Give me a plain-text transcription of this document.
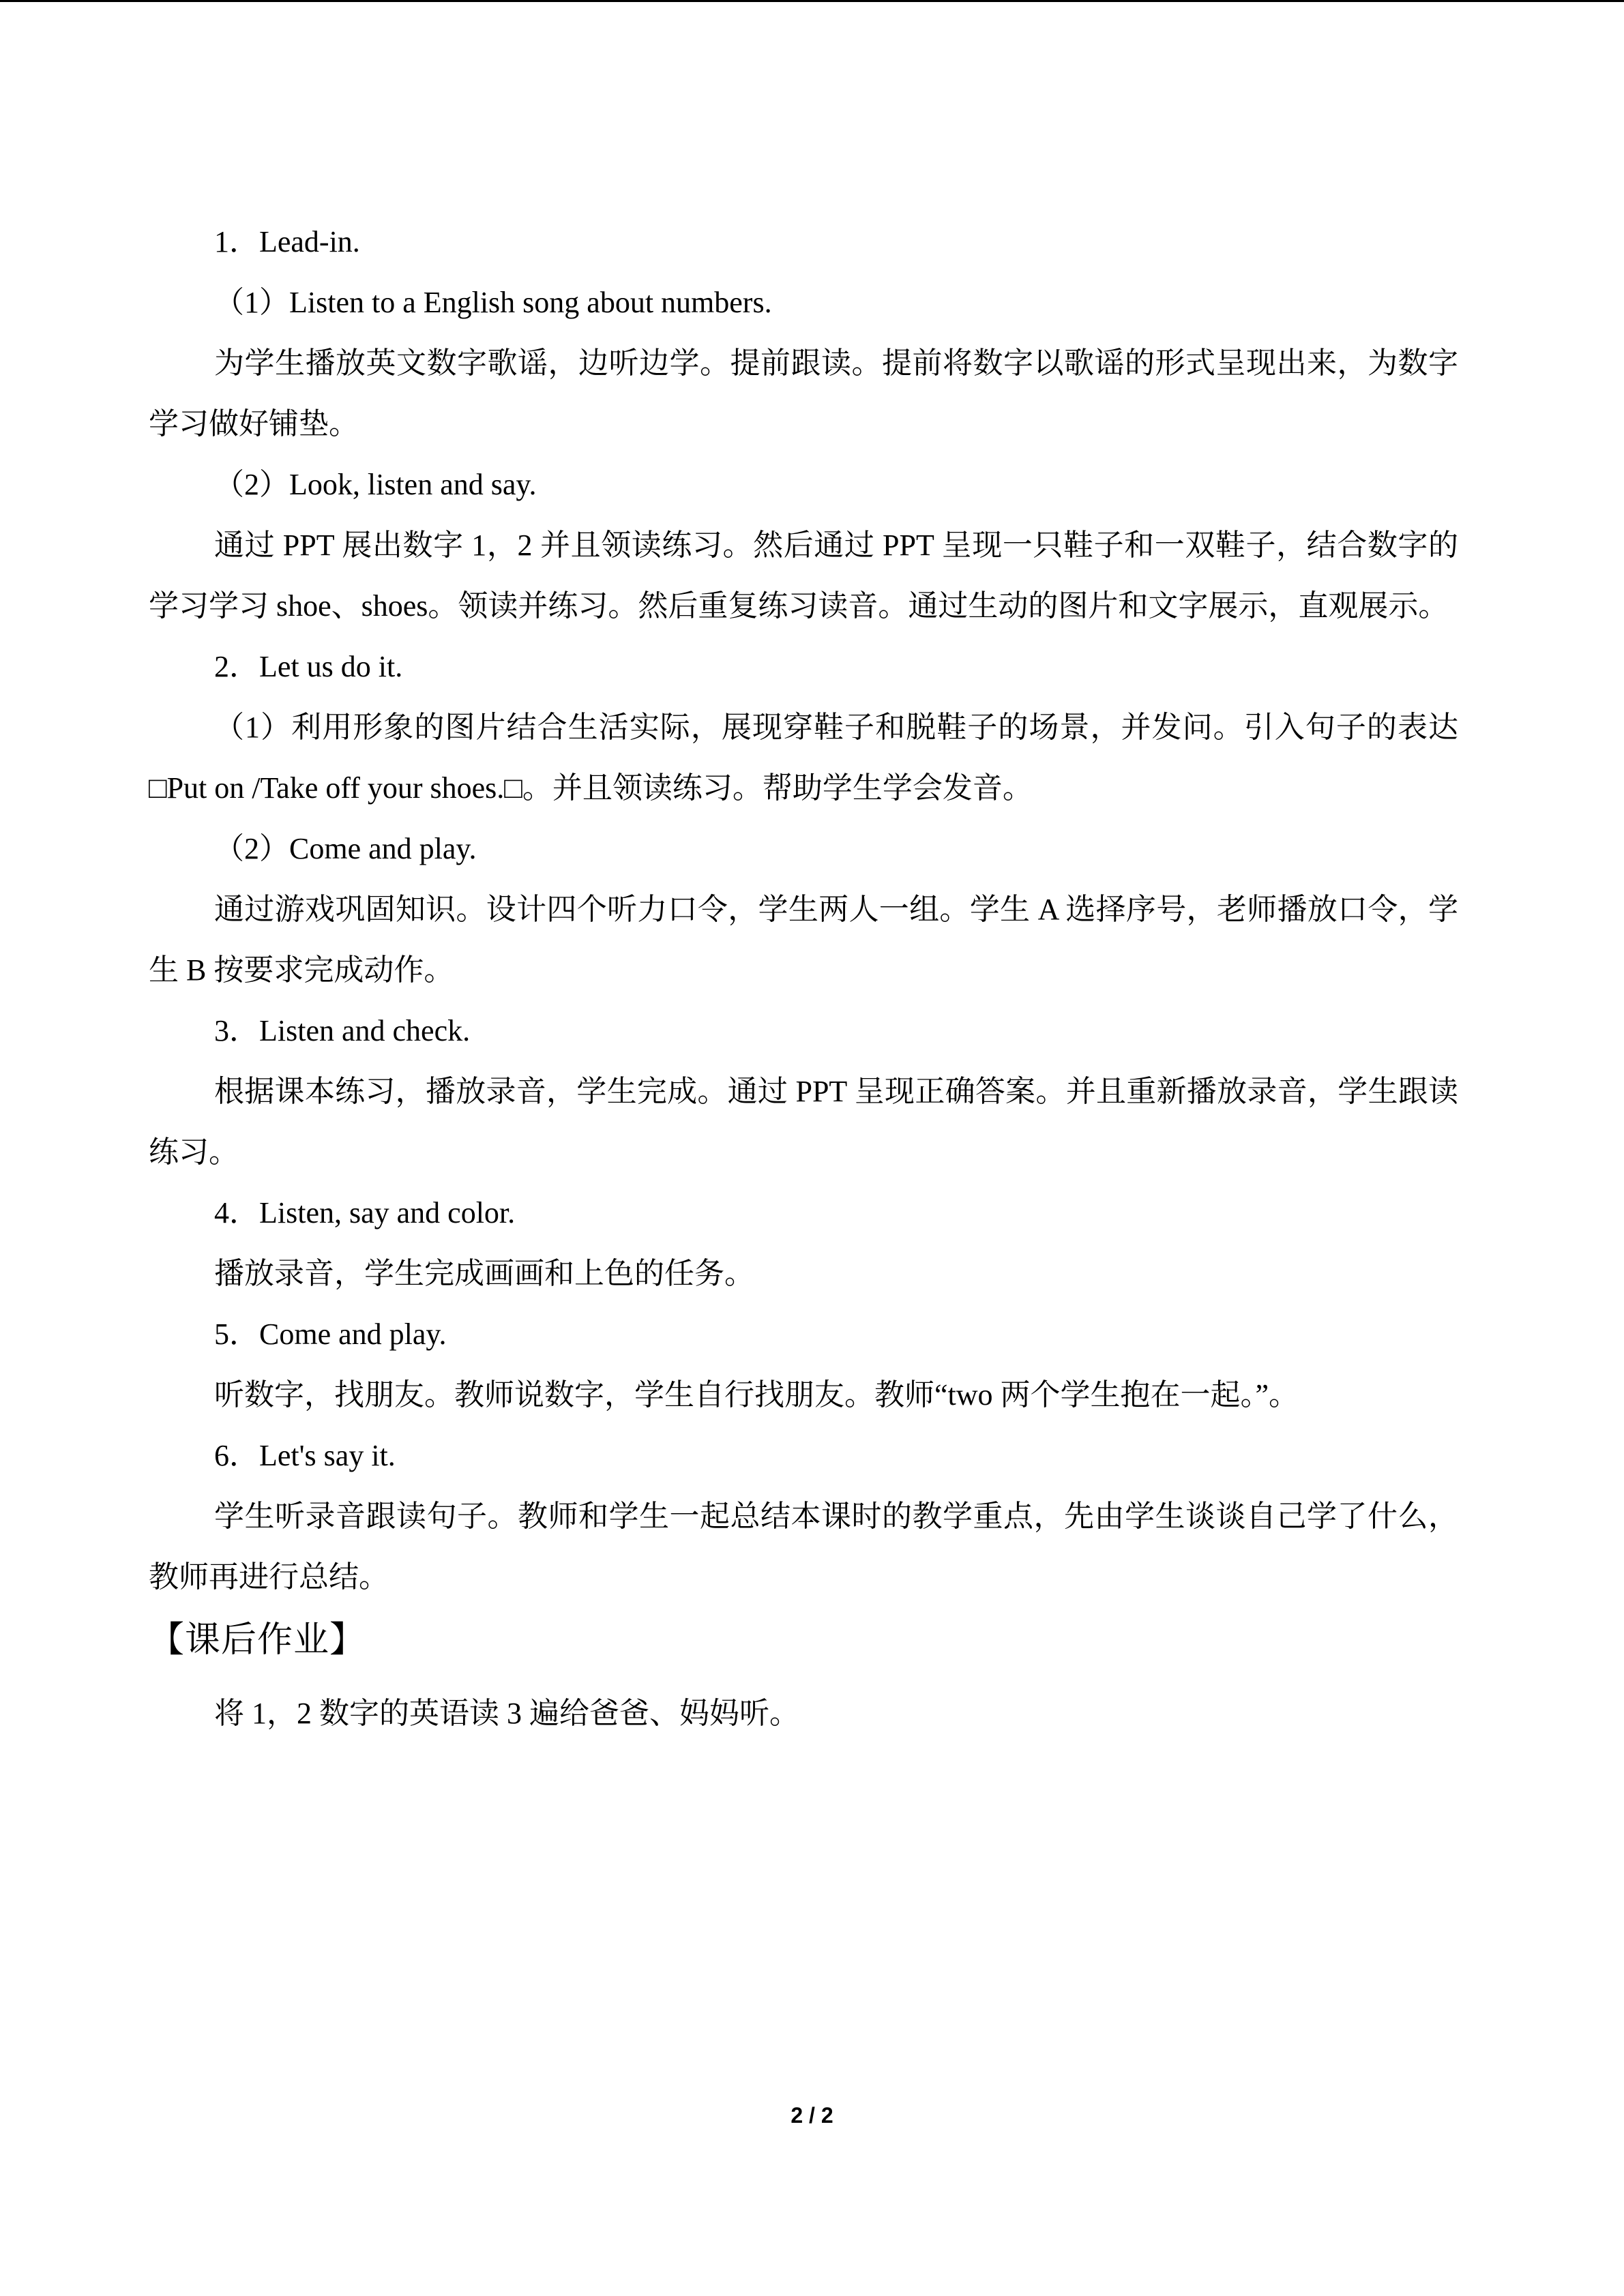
1．Lead-in.

（1）Listen to a English song about numbers.

为学生播放英文数字歌谣，边听边学。提前跟读。提前将数字以歌谣的形式呈现出来，为数字学习做好铺垫。

（2）Look, listen and say.

通过 PPT 展出数字 1，2 并且领读练习。然后通过 PPT 呈现一只鞋子和一双鞋子，结合数字的学习学习 shoe、shoes。领读并练习。然后重复练习读音。通过生动的图片和文字展示，直观展示。

2．Let us do it.

（1）利用形象的图片结合生活实际，展现穿鞋子和脱鞋子的场景，并发问。引入句子的表达□Put on /Take off your shoes.□。并且领读练习。帮助学生学会发音。

（2）Come and play.

通过游戏巩固知识。设计四个听力口令，学生两人一组。学生 A 选择序号，老师播放口令，学生 B 按要求完成动作。

3．Listen and check.

根据课本练习，播放录音，学生完成。通过 PPT 呈现正确答案。并且重新播放录音，学生跟读练习。

4．Listen, say and color.

播放录音，学生完成画画和上色的任务。

5．Come and play.

听数字，找朋友。教师说数字，学生自行找朋友。教师“two 两个学生抱在一起。”。

6．Let's say it.

学生听录音跟读句子。教师和学生一起总结本课时的教学重点，先由学生谈谈自己学了什么，教师再进行总结。

【课后作业】

将 1，2 数字的英语读 3 遍给爸爸、妈妈听。

2 / 2
